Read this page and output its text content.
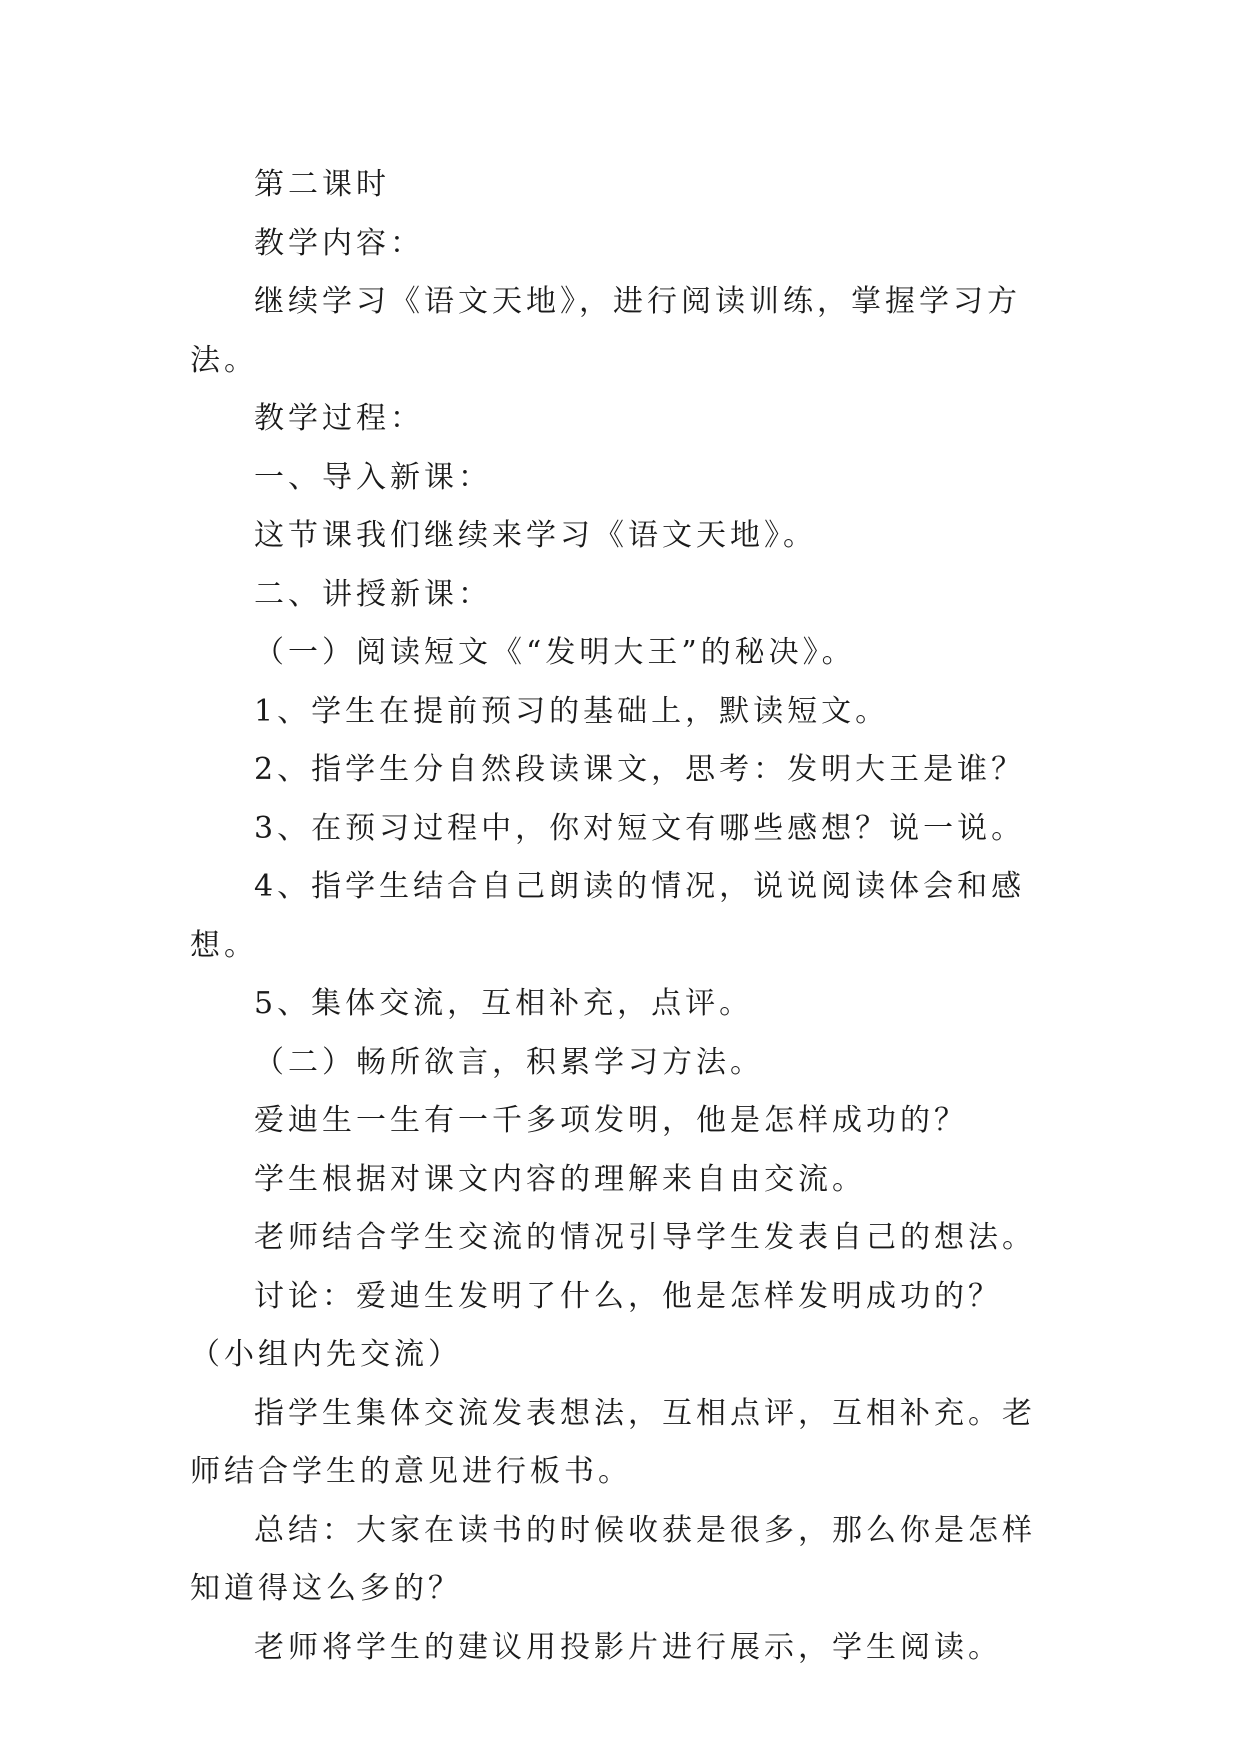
第二课时

教学内容：

继续学习《语文天地》，进行阅读训练，掌握学习方法。

教学过程：

一、导入新课：

这节课我们继续来学习《语文天地》。

二、讲授新课：

（一）阅读短文《“发明大王”的秘决》。

1、学生在提前预习的基础上，默读短文。

2、指学生分自然段读课文，思考：发明大王是谁？

3、在预习过程中，你对短文有哪些感想？说一说。

4、指学生结合自己朗读的情况，说说阅读体会和感想。

5、集体交流，互相补充，点评。

（二）畅所欲言，积累学习方法。

爱迪生一生有一千多项发明，他是怎样成功的？

学生根据对课文内容的理解来自由交流。

老师结合学生交流的情况引导学生发表自己的想法。

讨论：爱迪生发明了什么，他是怎样发明成功的？（小组内先交流）

指学生集体交流发表想法，互相点评，互相补充。老师结合学生的意见进行板书。

总结：大家在读书的时候收获是很多，那么你是怎样知道得这么多的？

老师将学生的建议用投影片进行展示，学生阅读。
